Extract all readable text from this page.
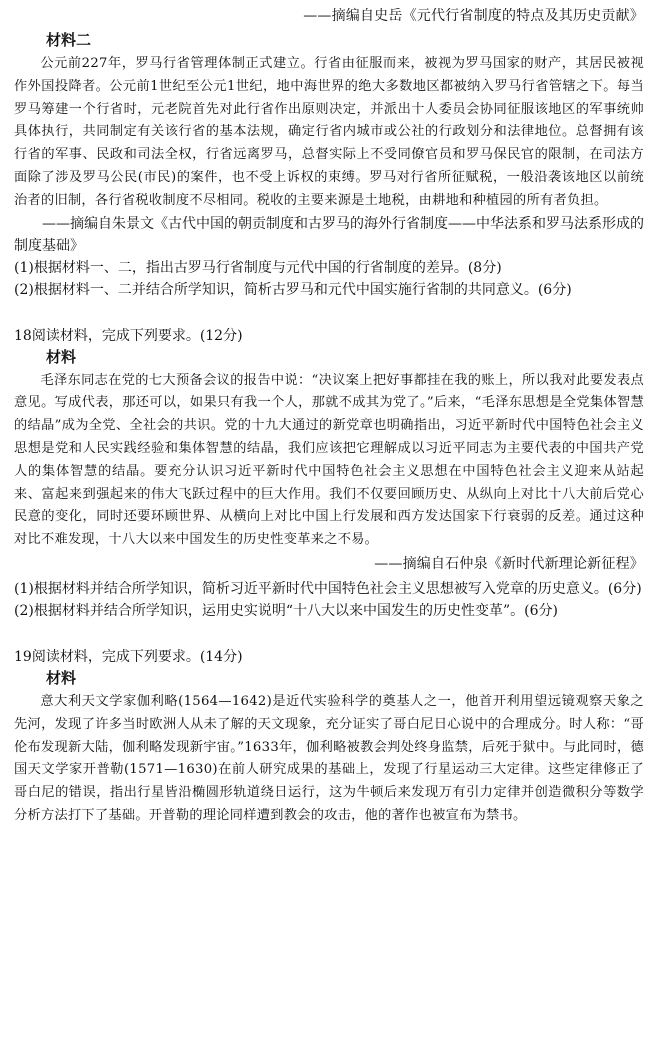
——摘编自史岳《元代行省制度的特点及其历史贡献》

材料二

公元前227年，罗马行省管理体制正式建立。行省由征服而来，被视为罗马国家的财产，其居民被视作外国投降者。公元前1世纪至公元1世纪，地中海世界的绝大多数地区都被纳入罗马行省管辖之下。每当罗马筹建一个行省时，元老院首先对此行省作出原则决定，并派出十人委员会协同征服该地区的军事统帅具体执行，共同制定有关该行省的基本法规，确定行省内城市或公社的行政划分和法律地位。总督拥有该行省的军事、民政和司法全权，行省远离罗马，总督实际上不受同僚官员和罗马保民官的限制，在司法方面除了涉及罗马公民(市民)的案件，也不受上诉权的束缚。罗马对行省所征赋税，一般沿袭该地区以前统治者的旧制，各行省税收制度不尽相同。税收的主要来源是土地税，由耕地和种植园的所有者负担。

——摘编自朱景文《古代中国的朝贡制度和古罗马的海外行省制度——中华法系和罗马法系形成的制度基础》

(1)根据材料一、二，指出古罗马行省制度与元代中国的行省制度的差异。(8分)

(2)根据材料一、二并结合所学知识，简析古罗马和元代中国实施行省制的共同意义。(6分)

18阅读材料，完成下列要求。(12分)

材料

毛泽东同志在党的七大预备会议的报告中说：“决议案上把好事都挂在我的账上，所以我对此要发表点意见。写成代表，那还可以，如果只有我一个人，那就不成其为党了。”后来，“毛泽东思想是全党集体智慧的结晶”成为全党、全社会的共识。党的十九大通过的新党章也明确指出，习近平新时代中国特色社会主义思想是党和人民实践经验和集体智慧的结晶，我们应该把它理解成以习近平同志为主要代表的中国共产党人的集体智慧的结晶。要充分认识习近平新时代中国特色社会主义思想在中国特色社会主义迎来从站起来、富起来到强起来的伟大飞跃过程中的巨大作用。我们不仅要回顾历史、从纵向上对比十八大前后党心民意的变化，同时还要环顾世界、从横向上对比中国上行发展和西方发达国家下行衰弱的反差。通过这种对比不难发现，十八大以来中国发生的历史性变革来之不易。

——摘编自石仲泉《新时代新理论新征程》

(1)根据材料并结合所学知识，简析习近平新时代中国特色社会主义思想被写入党章的历史意义。(6分)

(2)根据材料并结合所学知识，运用史实说明“十八大以来中国发生的历史性变革”。(6分)

19阅读材料，完成下列要求。(14分)

材料

意大利天文学家伽利略(1564—1642)是近代实验科学的奠基人之一，他首开利用望远镜观察天象之先河，发现了许多当时欧洲人从未了解的天文现象，充分证实了哥白尼日心说中的合理成分。时人称：“哥伦布发现新大陆，伽利略发现新宇宙。”1633年，伽利略被教会判处终身监禁，后死于狱中。与此同时，德国天文学家开普勒(1571—1630)在前人研究成果的基础上，发现了行星运动三大定律。这些定律修正了哥白尼的错误，指出行星皆沿椭圆形轨道绕日运行，这为牛顿后来发现万有引力定律并创造微积分等数学分析方法打下了基础。开普勒的理论同样遭到教会的攻击，他的著作也被宣布为禁书。
